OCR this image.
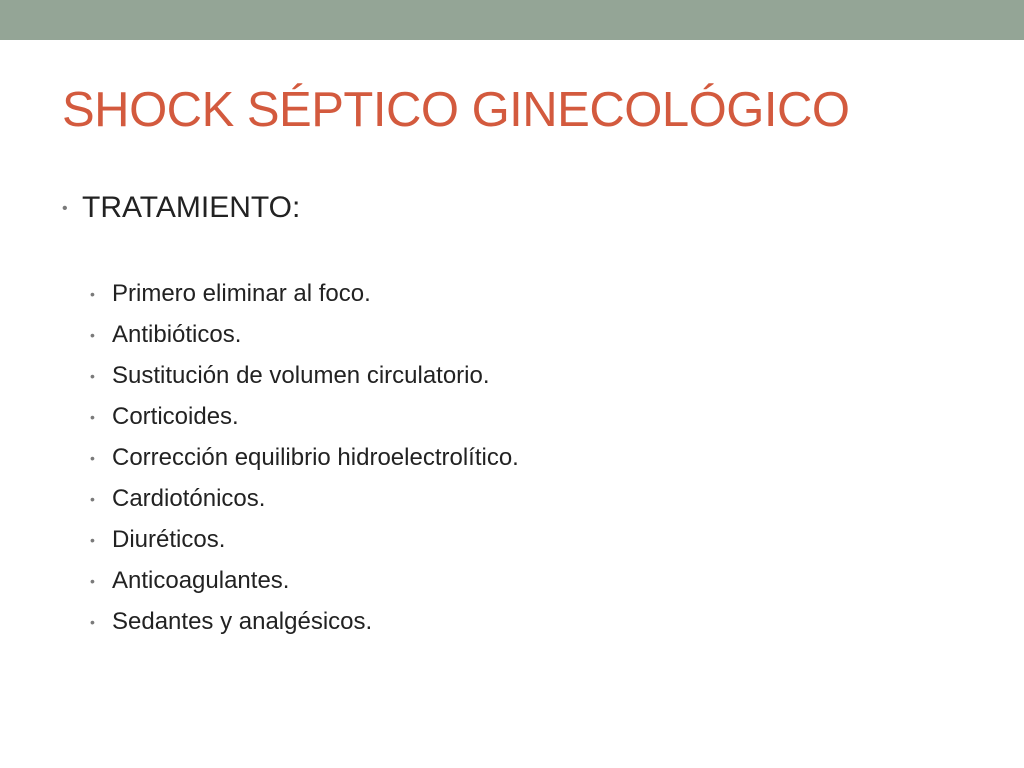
SHOCK SÉPTICO GINECOLÓGICO
• TRATAMIENTO:
• Primero eliminar al foco.
• Antibióticos.
• Sustitución de volumen circulatorio.
• Corticoides.
• Corrección equilibrio hidroelectrolítico.
• Cardiotónicos.
• Diuréticos.
• Anticoagulantes.
• Sedantes y analgésicos.
